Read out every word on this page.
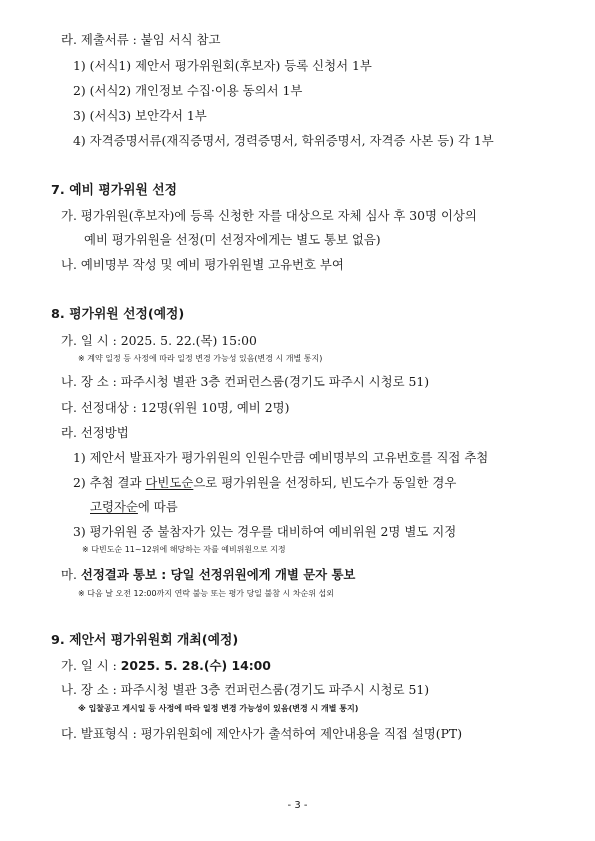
라. 제출서류 : 붙임 서식 참고
1) (서식1) 제안서 평가위원회(후보자) 등록 신청서 1부
2) (서식2) 개인정보 수집·이용 동의서 1부
3) (서식3) 보안각서 1부
4) 자격증명서류(재직증명서, 경력증명서, 학위증명서, 자격증 사본 등) 각 1부
7. 예비 평가위원 선정
가. 평가위원(후보자)에 등록 신청한 자를 대상으로 자체 심사 후 30명 이상의
예비 평가위원을 선정(미 선정자에게는 별도 통보 없음)
나. 예비명부 작성 및 예비 평가위원별 고유번호 부여
8. 평가위원 선정(예정)
가. 일 시 : 2025. 5. 22.(목) 15:00
※ 계약 일정 등 사정에 따라 일정 변경 가능성 있음(변경 시 개별 통지)
나. 장 소 : 파주시청 별관 3층 컨퍼런스룸(경기도 파주시 시청로 51)
다. 선정대상 : 12명(위원 10명, 예비 2명)
라. 선정방법
1) 제안서 발표자가 평가위원의 인원수만큼 예비명부의 고유번호를 직접 추첨
2) 추첨 결과 다빈도순으로 평가위원을 선정하되, 빈도수가 동일한 경우
고령자순에 따름
3) 평가위원 중 불참자가 있는 경우를 대비하여 예비위원 2명 별도 지정
※ 다빈도순 11~12위에 해당하는 자를 예비위원으로 지정
마. 선정결과 통보 : 당일 선정위원에게 개별 문자 통보
※ 다음 날 오전 12:00까지 연락 불능 또는 평가 당일 불참 시 차순위 섭외
9. 제안서 평가위원회 개최(예정)
가. 일 시 : 2025. 5. 28.(수) 14:00
나. 장 소 : 파주시청 별관 3층 컨퍼런스룸(경기도 파주시 시청로 51)
※ 입찰공고 게시일 등 사정에 따라 일정 변경 가능성이 있음(변경 시 개별 통지)
다. 발표형식 : 평가위원회에 제안사가 출석하여 제안내용을 직접 설명(PT)
- 3 -
